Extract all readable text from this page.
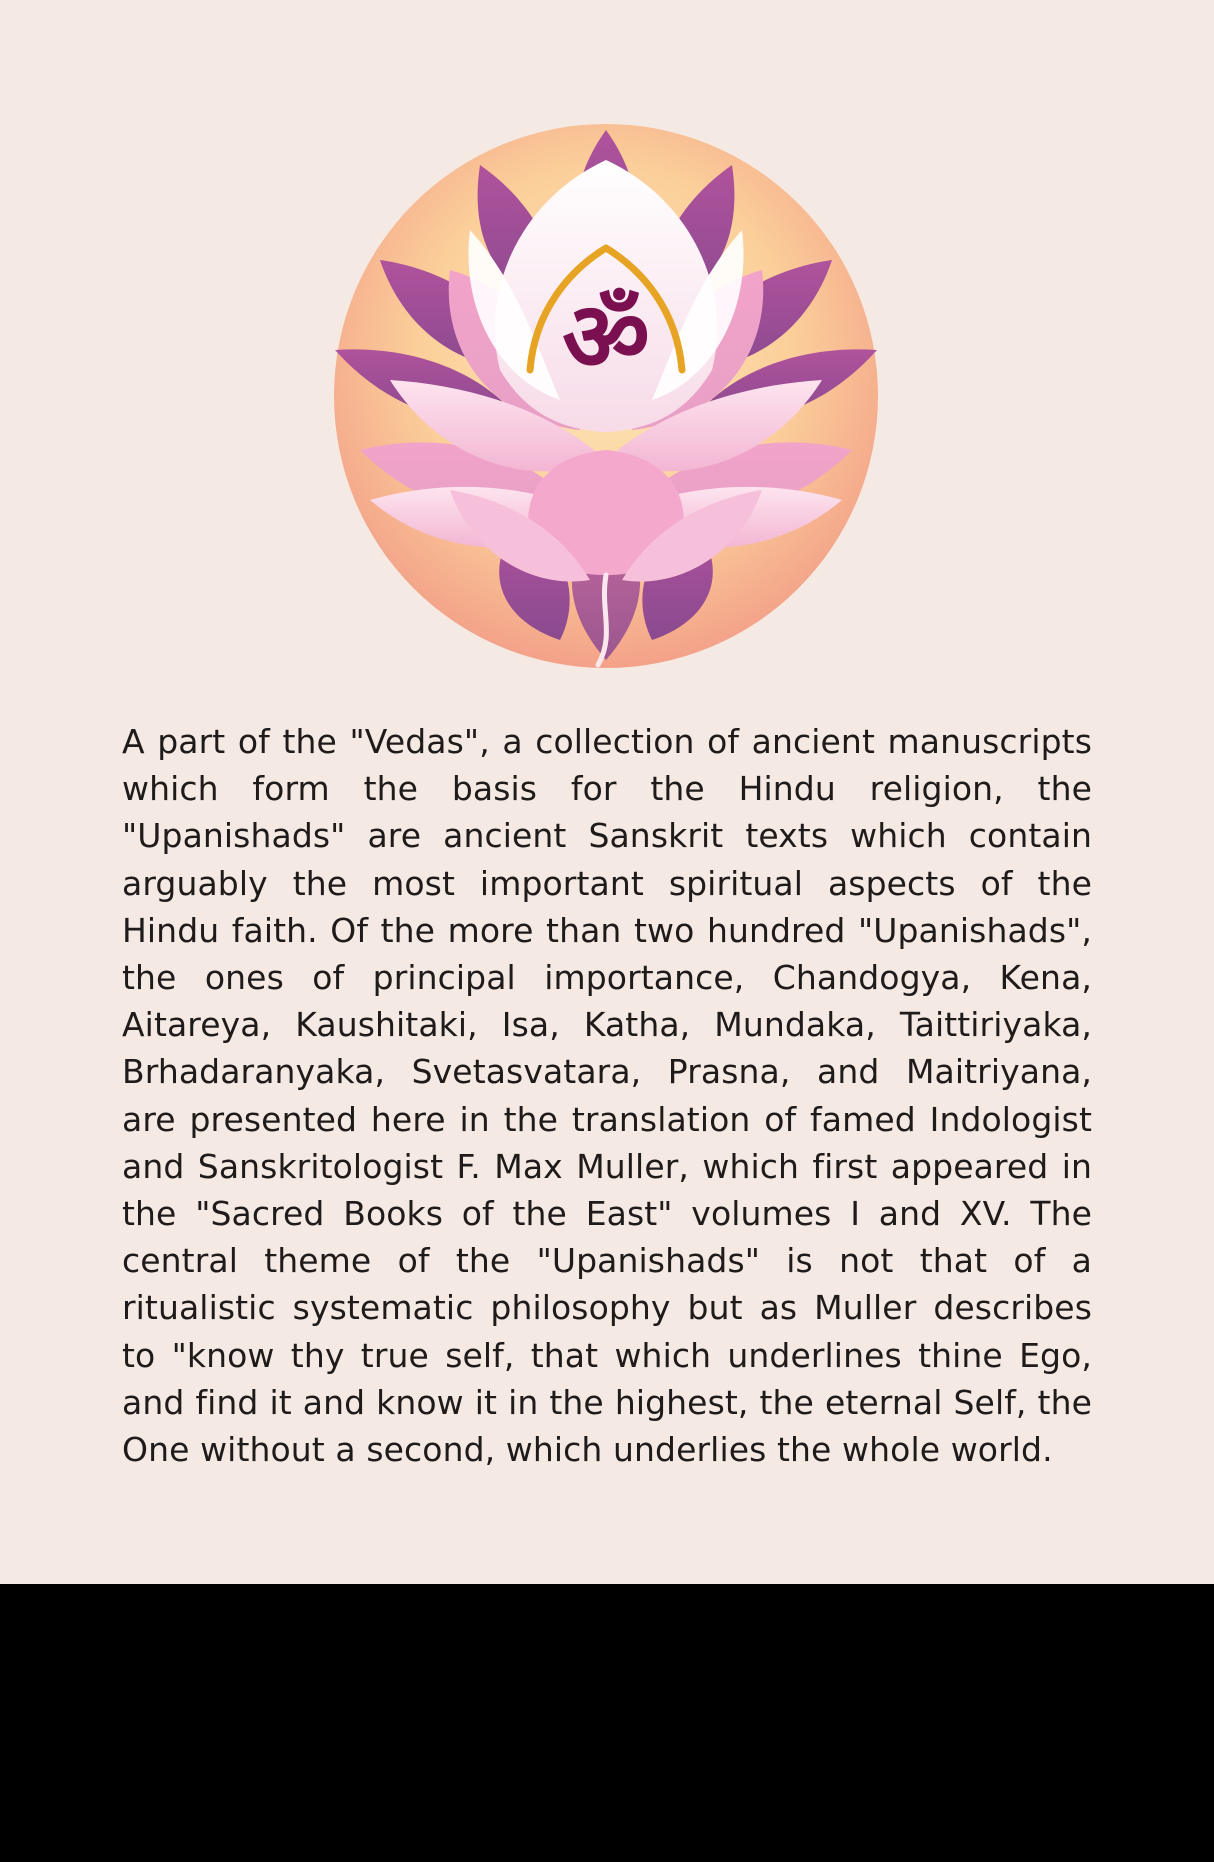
ॐ

A part of the "Vedas", a collection of ancient manuscripts which form the basis for the Hindu religion, the "Upanishads" are ancient Sanskrit texts which contain arguably the most important spiritual aspects of the Hindu faith. Of the more than two hundred "Upanishads", the ones of principal importance, Chandogya, Kena, Aitareya, Kaushitaki, Isa, Katha, Mundaka, Taittiriyaka, Brhadaranyaka, Svetasvatara, Prasna, and Maitriyana, are presented here in the translation of famed Indologist and Sanskritologist F. Max Muller, which first appeared in the "Sacred Books of the East" volumes I and XV. The central theme of the "Upanishads" is not that of a ritualistic systematic philosophy but as Muller describes to "know thy true self, that which underlines thine Ego, and find it and know it in the highest, the eternal Self, the One without a second, which underlies the whole world.
